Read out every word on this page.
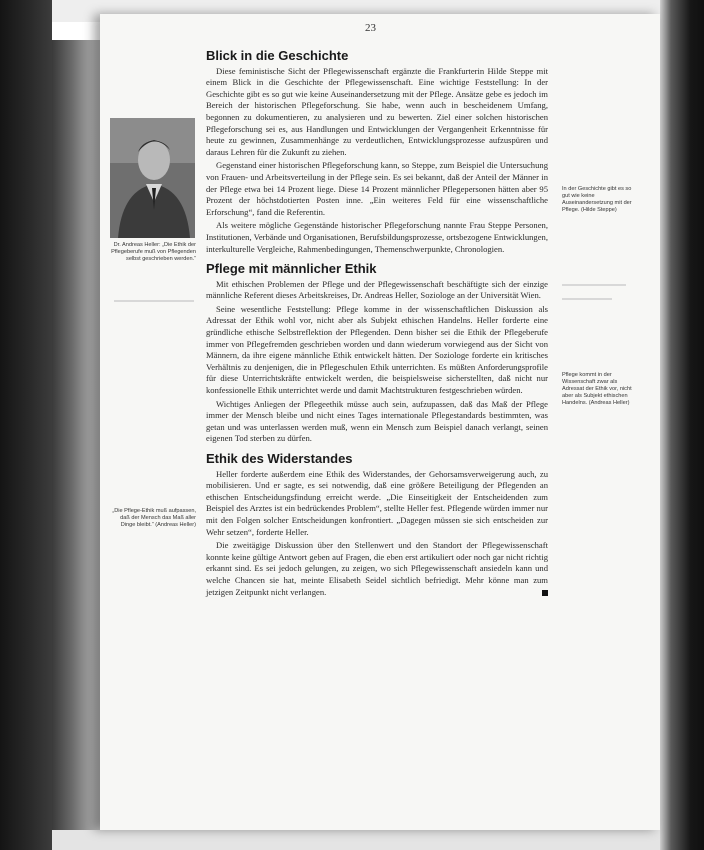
23
Dr. Andreas Heller: „Die Ethik der Pflegeberufe muß von Pflegenden selbst geschrieben werden.“
„Die Pflege-Ethik muß aufpassen, daß der Mensch das Maß aller Dinge bleibt.“ (Andreas Heller)
In der Geschichte gibt es so gut wie keine Auseinandersetzung mit der Pflege. (Hilde Steppe)
Pflege kommt in der Wissenschaft zwar als Adressat der Ethik vor, nicht aber als Subjekt ethischen Handelns. (Andreas Heller)
Blick in die Geschichte

Diese feministische Sicht der Pflegewissenschaft ergänzte die Frankfurterin Hilde Steppe mit einem Blick in die Geschichte der Pflegewissenschaft. Eine wichtige Feststellung: In der Geschichte gibt es so gut wie keine Auseinandersetzung mit der Pflege. Ansätze gebe es jedoch im Bereich der historischen Pflegeforschung. Sie habe, wenn auch in bescheidenem Umfang, begonnen zu dokumentieren, zu analysieren und zu bewerten. Ziel einer solchen historischen Pflegeforschung sei es, aus Handlungen und Entwicklungen der Vergangenheit Erkenntnisse für heute zu gewinnen, Zusammenhänge zu verdeutlichen, Entwicklungsprozesse aufzuspüren und daraus Lehren für die Zukunft zu ziehen.

Gegenstand einer historischen Pflegeforschung kann, so Steppe, zum Beispiel die Untersuchung von Frauen- und Arbeitsverteilung in der Pflege sein. Es sei bekannt, daß der Anteil der Männer in der Pflege etwa bei 14 Prozent liege. Diese 14 Prozent männlicher Pflegepersonen hätten aber 95 Prozent der höchstdotierten Posten inne. „Ein weiteres Feld für eine wissenschaftliche Erforschung“, fand die Referentin.

Als weitere mögliche Gegenstände historischer Pflegeforschung nannte Frau Steppe Personen, Institutionen, Verbände und Organisationen, Berufsbildungsprozesse, ortsbezogene Entwicklungen, interkulturelle Vergleiche, Rahmenbedingungen, Themenschwerpunkte, Chronologien.

Pflege mit männlicher Ethik

Mit ethischen Problemen der Pflege und der Pflegewissenschaft beschäftigte sich der einzige männliche Referent dieses Arbeitskreises, Dr. Andreas Heller, Soziologe an der Universität Wien.

Seine wesentliche Feststellung: Pflege komme in der wissenschaftlichen Diskussion als Adressat der Ethik wohl vor, nicht aber als Subjekt ethischen Handelns. Heller forderte eine gründliche ethische Selbstreflektion der Pflegenden. Denn bisher sei die Ethik der Pflegeberufe immer von Pflegefremden geschrieben worden und dann wiederum vorwiegend aus der Sicht von Männern, da ihre eigene männliche Ethik entwickelt hätten. Der Soziologe forderte ein kritisches Verhältnis zu denjenigen, die in Pflegeschulen Ethik unterrichten. Es müßten Anforderungsprofile für diese Unterrichtskräfte entwickelt werden, die beispielsweise sicherstellten, daß nicht nur konfessionelle Ethik unterrichtet werde und damit Machtstrukturen festgeschrieben würden.

Wichtiges Anliegen der Pflegeethik müsse auch sein, aufzupassen, daß das Maß der Pflege immer der Mensch bleibe und nicht eines Tages internationale Pflegestandards bestimmten, was getan und was unterlassen werden muß, wenn ein Mensch zum Beispiel danach verlangt, seinen eigenen Tod sterben zu dürfen.

Ethik des Widerstandes

Heller forderte außerdem eine Ethik des Widerstandes, der Gehorsamsverweigerung auch, zu mobilisieren. Und er sagte, es sei notwendig, daß eine größere Beteiligung der Pflegenden an ethischen Entscheidungsfindung erreicht werde. „Die Einseitigkeit der Entscheidenden zum Beispiel des Arztes ist ein bedrückendes Problem“, stellte Heller fest. Pflegende würden immer nur mit den Folgen solcher Entscheidungen konfrontiert. „Dagegen müssen sie sich entscheiden zur Wehr setzen“, forderte Heller.

Die zweitägige Diskussion über den Stellenwert und den Standort der Pflegewissenschaft konnte keine gültige Antwort geben auf Fragen, die eben erst artikuliert oder noch gar nicht richtig erkannt sind. Es sei jedoch gelungen, zu zeigen, wo sich Pflegewissenschaft ansiedeln kann und welche Chancen sie hat, meinte Elisabeth Seidel sichtlich befriedigt. Mehr könne man zum jetzigen Zeitpunkt nicht verlangen.
